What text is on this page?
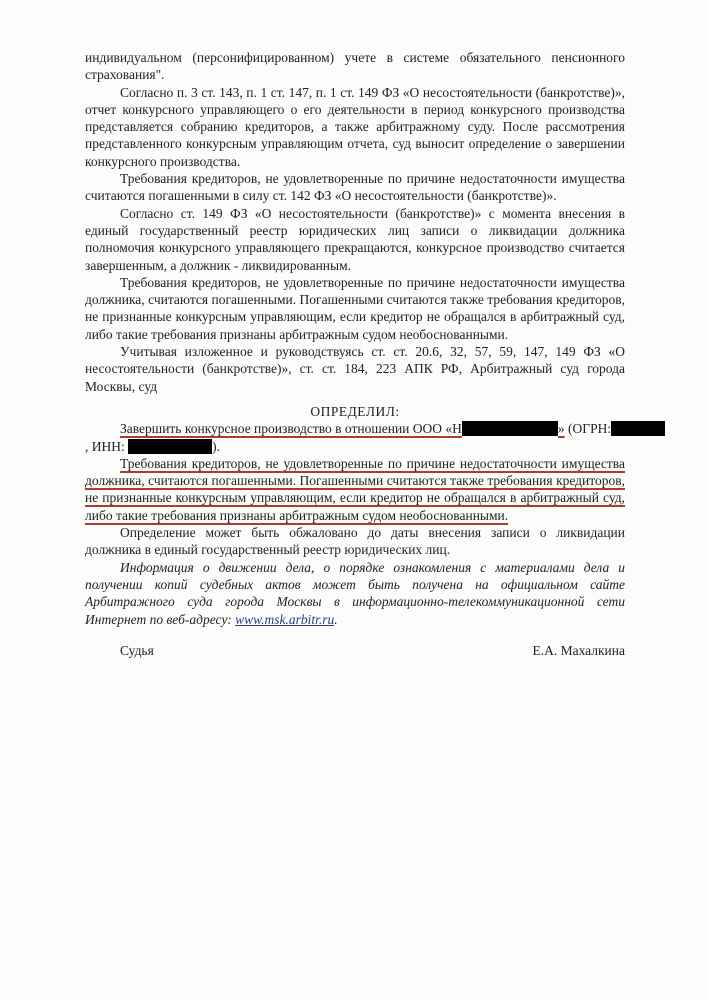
индивидуальном (персонифицированном) учете в системе обязательного пенсионного страхования".

Согласно п. 3 ст. 143, п. 1 ст. 147, п. 1 ст. 149 ФЗ «О несостоятельности (банкротстве)», отчет конкурсного управляющего о его деятельности в период конкурсного производства представляется собранию кредиторов, а также арбитражному суду. После рассмотрения представленного конкурсным управляющим отчета, суд выносит определение о завершении конкурсного производства.

Требования кредиторов, не удовлетворенные по причине недостаточности имущества считаются погашенными в силу ст. 142 ФЗ «О несостоятельности (банкротстве)».

Согласно ст. 149 ФЗ «О несостоятельности (банкротстве)» с момента внесения в единый государственный реестр юридических лиц записи о ликвидации должника полномочия конкурсного управляющего прекращаются, конкурсное производство считается завершенным, а должник - ликвидированным.

Требования кредиторов, не удовлетворенные по причине недостаточности имущества должника, считаются погашенными. Погашенными считаются также требования кредиторов, не признанные конкурсным управляющим, если кредитор не обращался в арбитражный суд, либо такие требования признаны арбитражным судом необоснованными.

Учитывая изложенное и руководствуясь ст. ст. 20.6, 32, 57, 59, 147, 149 ФЗ «О несостоятельности (банкротстве)», ст. ст. 184, 223 АПК РФ, Арбитражный суд города Москвы, суд

ОПРЕДЕЛИЛ:

Завершить конкурсное производство в отношении ООО «Н	» (ОГРН: , ИНН:	).

Требования кредиторов, не удовлетворенные по причине недостаточности имущества должника, считаются погашенными. Погашенными считаются также требования кредиторов, не признанные конкурсным управляющим, если кредитор не обращался в арбитражный суд, либо такие требования признаны арбитражным судом необоснованными.

Определение может быть обжаловано до даты внесения записи о ликвидации должника в единый государственный реестр юридических лиц.

Информация о движении дела, о порядке ознакомления с материалами дела и получении копий судебных актов может быть получена на официальном сайте Арбитражного суда города Москвы в информационно-телекоммуникационной сети Интернет по веб-адресу: www.msk.arbitr.ru.

Судья	Е.А. Махалкина
